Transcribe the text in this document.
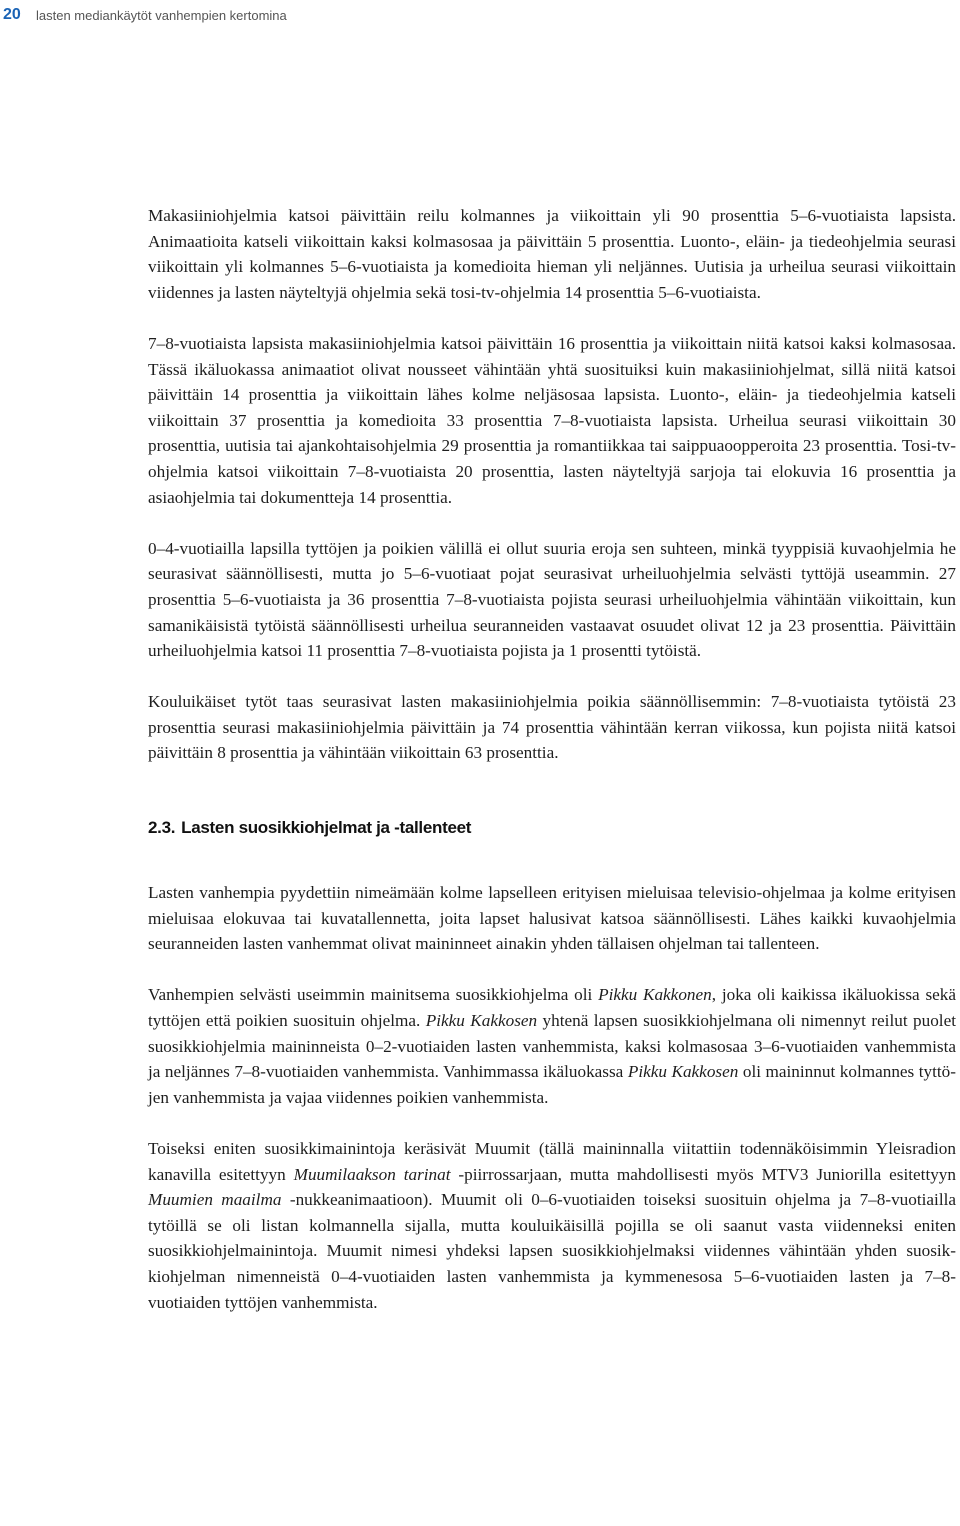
20 lasten mediankäytöt vanhempien kertomina

Makasiiniohjelmia katsoi päivittäin reilu kolmannes ja viikoittain yli 90 prosenttia 5–6-vuotiaista lapsista. Animaatioita katseli viikoittain kaksi kolmasosaa ja päivittäin 5 prosenttia. Luonto-, eläin- ja tiedeohjelmia seurasi viikoittain yli kolmannes 5–6-vuotiaista ja komedioita hieman yli neljännes. Uutisia ja urheilua seurasi viikoittain viidennes ja lasten näyteltyjä ohjelmia sekä tosi-tv-ohjelmia 14 prosenttia 5–6-vuotiaista.

7–8-vuotiaista lapsista makasiiniohjelmia katsoi päivittäin 16 prosenttia ja viikoittain niitä katsoi kaksi kolmasosaa. Tässä ikäluokassa animaatiot olivat nousseet vähintään yhtä suosituiksi kuin makasiiniohjelmat, sillä niitä katsoi päivittäin 14 prosenttia ja viikoittain lähes kolme neljäsosaa lapsista. Luonto-, eläin- ja tiedeohjelmia katseli viikoittain 37 prosenttia ja komedioita 33 prosenttia 7–8-vuotiaista lapsista. Urheilua seurasi viikoittain 30 prosenttia, uutisia tai ajankohtaisohjelmia 29 prosenttia ja romantiikkaa tai saippuaoopperoita 23 prosenttia. Tosi-tv-ohjelmia katsoi viikoittain 7–8-vuotiaista 20 prosenttia, lasten näyteltyjä sarjoja tai elokuvia 16 prosenttia ja asiaohjelmia tai dokumentteja 14 prosenttia.

0–4-vuotiailla lapsilla tyttöjen ja poikien välillä ei ollut suuria eroja sen suhteen, minkä tyyppisiä kuvaohjelmia he seurasivat säännöllisesti, mutta jo 5–6-vuotiaat pojat seurasivat urheiluohjelmia selvästi tyttöjä useammin. 27 prosenttia 5–6-vuotiaista ja 36 prosenttia 7–8-vuotiaista pojista seurasi urheiluohjelmia vähintään viikoittain, kun samanikäisistä tytöistä säännöllisesti urheilua seuranneiden vastaavat osuudet olivat 12 ja 23 prosenttia. Päivittäin urheiluohjelmia katsoi 11 prosenttia 7–8-vuotiaista pojista ja 1 prosentti tytöistä.

Kouluikäiset tytöt taas seurasivat lasten makasiiniohjelmia poikia säännöllisemmin: 7–8-vuotiaista tytöistä 23 prosenttia seurasi makasiiniohjelmia päivittäin ja 74 prosenttia vähintään kerran viikossa, kun pojista niitä katsoi päivittäin 8 prosenttia ja vähintään viikoittain 63 prosenttia.

2.3. Lasten suosikkiohjelmat ja -tallenteet

Lasten vanhempia pyydettiin nimeämään kolme lapselleen erityisen mieluisaa televisio-ohjelmaa ja kolme erityisen mieluisaa elokuvaa tai kuvatallennetta, joita lapset halusivat katsoa säännöllisesti. Lähes kaikki kuvaohjelmia seuranneiden lasten vanhemmat olivat maininneet ainakin yhden tällaisen ohjelman tai tallenteen.

Vanhempien selvästi useimmin mainitsema suosikkiohjelma oli Pikku Kakkonen, joka oli kaikissa ikäluokissa sekä tyttöjen että poikien suosituin ohjelma. Pikku Kakkosen yhtenä lapsen suosikkiohjelmana oli nimennyt reilut puolet suosikkiohjelmia maininneista 0–2-vuotiaiden lasten vanhemmista, kaksi kolmasosaa 3–6-vuotiaiden vanhemmista ja neljännes 7–8-vuotiaiden vanhemmista. Vanhimmassa ikäluokassa Pikku Kakkosen oli maininnut kolmannes tyttöjen vanhemmista ja vajaa viidennes poikien vanhemmista.

Toiseksi eniten suosikkimainintoja keräsivät Muumit (tällä maininnalla viitattiin todennäköisimmin Yleisradion kanavilla esitettyyn Muumilaakson tarinat -piirrossarjaan, mutta mahdollisesti myös MTV3 Juniorilla esitettyyn Muumien maailma -nukkeanimaatioon). Muumit oli 0–6-vuotiaiden toiseksi suosituin ohjelma ja 7–8-vuotiailla tytöillä se oli listan kolmannella sijalla, mutta kouluikäisillä pojilla se oli saanut vasta viidenneksi eniten suosikkiohjelmainintoja. Muumit nimesi yhdeksi lapsen suosikkiohjelmaksi viidennes vähintään yhden suosikkiohjelman nimenneistä 0–4-vuotiaiden lasten vanhemmista ja kymmenesosa 5–6-vuotiaiden lasten ja 7–8-vuotiaiden tyttöjen vanhemmista.
